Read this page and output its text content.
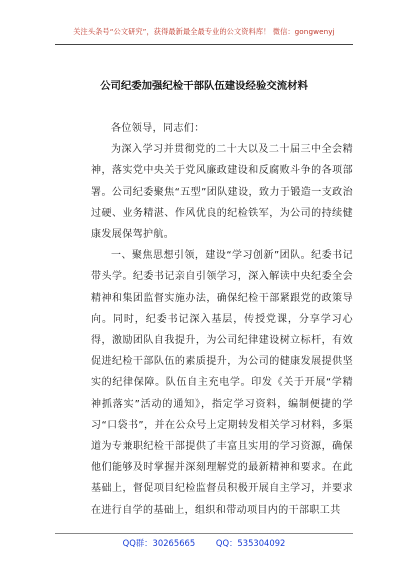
关注头条号“公文研究”，获得最新最全最专业的公文资料库！ 微信：gongwenyj
公司纪委加强纪检干部队伍建设经验交流材料

各位领导，同志们：

为深入学习并贯彻党的二十大以及二十届三中全会精神，落实党中央关于党风廉政建设和反腐败斗争的各项部署。公司纪委聚焦“五型”团队建设，致力于锻造一支政治过硬、业务精湛、作风优良的纪检铁军，为公司的持续健康发展保驾护航。

一、聚焦思想引领，建设“学习创新”团队。纪委书记带头学。纪委书记亲自引领学习，深入解读中央纪委全会精神和集团监督实施办法，确保纪检干部紧跟党的政策导向。同时，纪委书记深入基层，传授党课，分享学习心得，激励团队自我提升，为公司纪律建设树立标杆，有效促进纪检干部队伍的素质提升，为公司的健康发展提供坚实的纪律保障。队伍自主充电学。印发《关于开展“学精神抓落实”活动的通知》，指定学习资料，编制便捷的学习“口袋书”，并在公众号上定期转发相关学习材料，多渠道为专兼职纪检干部提供了丰富且实用的学习资源，确保他们能够及时掌握并深刻理解党的最新精神和要求。在此基础上，督促项目纪检监督员积极开展自主学习，并要求在进行自学的基础上，组织和带动项目内的干部职工共

QQ群：30265665 QQ：535304092
